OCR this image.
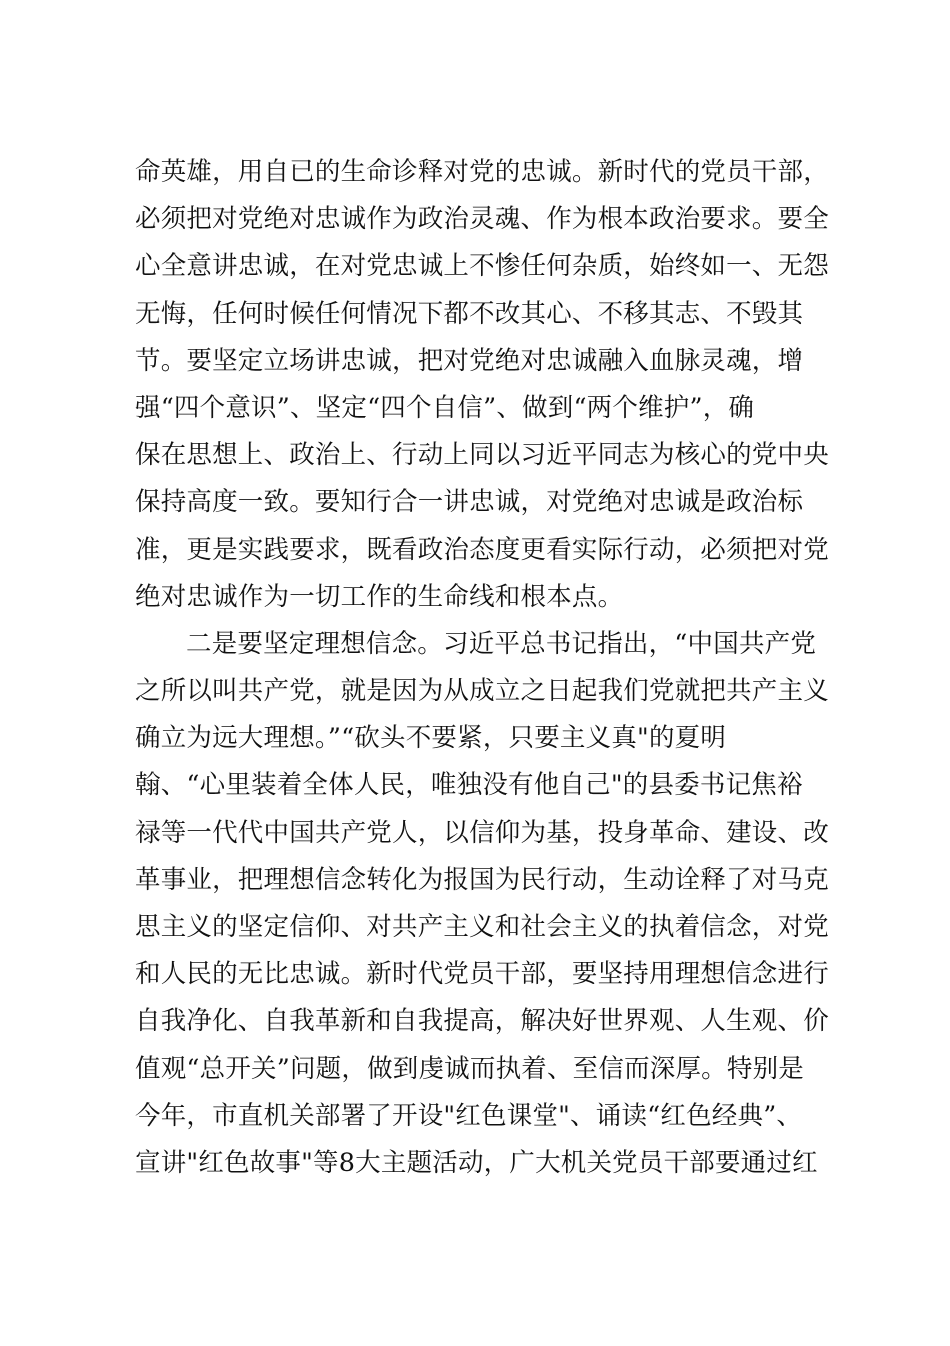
命英雄，用自已的生命诊释对党的忠诚。新时代的党员干部，
必须把对党绝对忠诚作为政治灵魂、作为根本政治要求。要全
心全意讲忠诚，在对党忠诚上不惨任何杂质，始终如一、无怨
无悔，任何时候任何情况下都不改其心、不移其志、不毁其
节。要坚定立场讲忠诚，把对党绝对忠诚融入血脉灵魂，增
强“四个意识”、坚定“四个自信”、做到“两个维护”，确
保在思想上、政治上、行动上同以习近平同志为核心的党中央
保持高度一致。要知行合一讲忠诚，对党绝对忠诚是政治标
准，更是实践要求，既看政治态度更看实际行动，必须把对党
绝对忠诚作为一切工作的生命线和根本点。
二是要坚定理想信念。习近平总书记指出，“中国共产党
之所以叫共产党，就是因为从成立之日起我们党就把共产主义
确立为远大理想。”“砍头不要紧，只要主义真"的夏明
翰、“心里装着全体人民，唯独没有他自己"的县委书记焦裕
禄等一代代中国共产党人，以信仰为基，投身革命、建设、改
革事业，把理想信念转化为报国为民行动，生动诠释了对马克
思主义的坚定信仰、对共产主义和社会主义的执着信念，对党
和人民的无比忠诚。新时代党员干部，要坚持用理想信念进行
自我净化、自我革新和自我提高，解决好世界观、人生观、价
值观“总开关”问题，做到虔诚而执着、至信而深厚。特别是
今年，市直机关部署了开设"红色课堂"、诵读“红色经典”、
宣讲"红色故事"等8大主题活动，广大机关党员干部要通过红
